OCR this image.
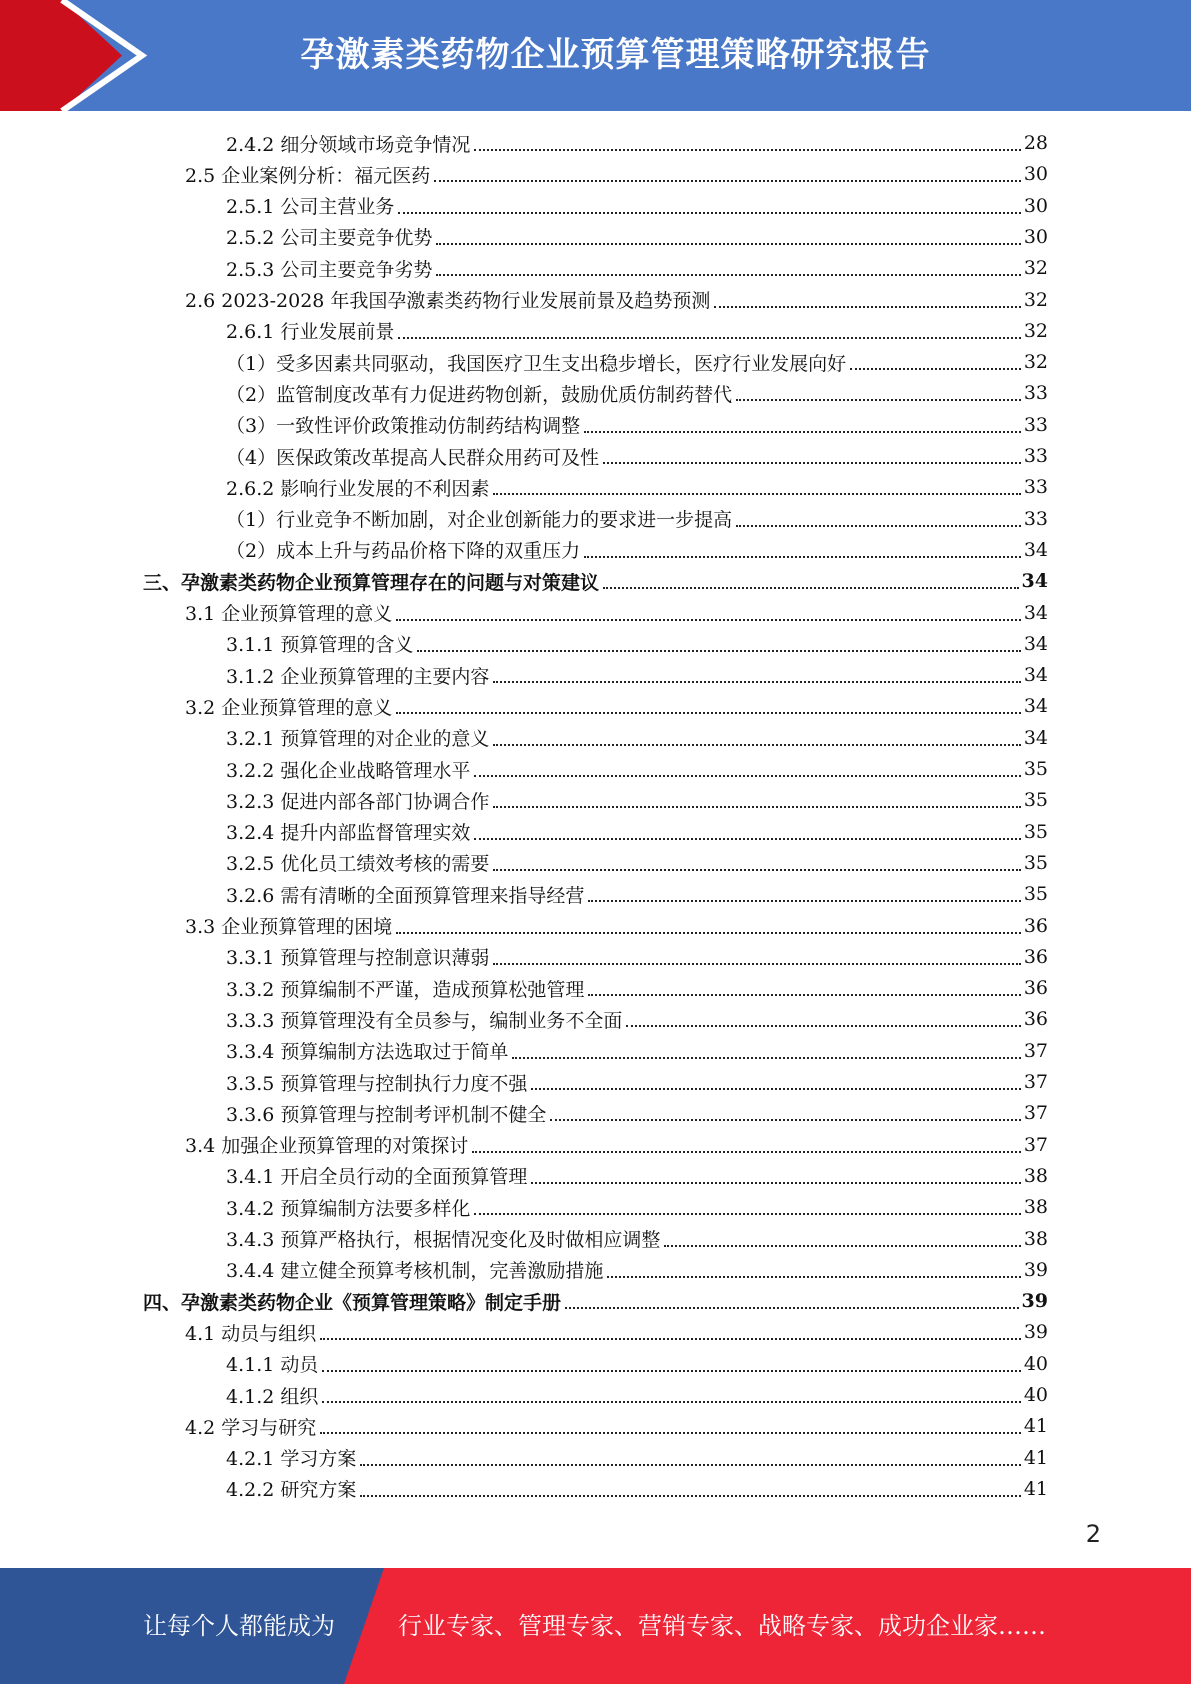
孕激素类药物企业预算管理策略研究报告
2.4.2 细分领域市场竞争情况	28
2.5 企业案例分析：福元医药	30
2.5.1 公司主营业务	30
2.5.2 公司主要竞争优势	30
2.5.3 公司主要竞争劣势	32
2.6 2023-2028 年我国孕激素类药物行业发展前景及趋势预测	32
2.6.1 行业发展前景	32
（1）受多因素共同驱动，我国医疗卫生支出稳步增长，医疗行业发展向好	32
（2）监管制度改革有力促进药物创新，鼓励优质仿制药替代	33
（3）一致性评价政策推动仿制药结构调整	33
（4）医保政策改革提高人民群众用药可及性	33
2.6.2 影响行业发展的不利因素	33
（1）行业竞争不断加剧，对企业创新能力的要求进一步提高	33
（2）成本上升与药品价格下降的双重压力	34
三、孕激素类药物企业预算管理存在的问题与对策建议	34
3.1 企业预算管理的意义	34
3.1.1 预算管理的含义	34
3.1.2 企业预算管理的主要内容	34
3.2 企业预算管理的意义	34
3.2.1 预算管理的对企业的意义	34
3.2.2 强化企业战略管理水平	35
3.2.3 促进内部各部门协调合作	35
3.2.4 提升内部监督管理实效	35
3.2.5 优化员工绩效考核的需要	35
3.2.6 需有清晰的全面预算管理来指导经营	35
3.3 企业预算管理的困境	36
3.3.1 预算管理与控制意识薄弱	36
3.3.2 预算编制不严谨，造成预算松弛管理	36
3.3.3 预算管理没有全员参与，编制业务不全面	36
3.3.4 预算编制方法选取过于简单	37
3.3.5 预算管理与控制执行力度不强	37
3.3.6 预算管理与控制考评机制不健全	37
3.4 加强企业预算管理的对策探讨	37
3.4.1 开启全员行动的全面预算管理	38
3.4.2 预算编制方法要多样化	38
3.4.3 预算严格执行，根据情况变化及时做相应调整	38
3.4.4 建立健全预算考核机制，完善激励措施	39
四、孕激素类药物企业《预算管理策略》制定手册	39
4.1 动员与组织	39
4.1.1 动员	40
4.1.2 组织	40
4.2 学习与研究	41
4.2.1 学习方案	41
4.2.2 研究方案	41
2
让每个人都能成为	行业专家、管理专家、营销专家、战略专家、成功企业家……
